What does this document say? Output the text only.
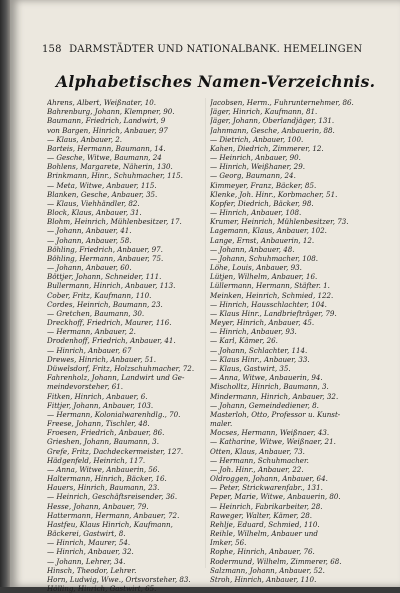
158 DARMSTÄDTER UND NATIONALBANK. HEMELINGEN
Alphabetisches Namen-Verzeichnis.
Ahrens, Albert, Weißnater, 10.
Bahrenburg, Johann, Klempner, 90.
Baumann, Friedrich, Landwirt, 9
von Bargen, Hinrich, Anbauer, 97
— Klaus, Anbauer, 2.
Barteis, Hermann, Baumann, 14.
— Gesche, Witwe, Baumann, 24
Bohlens, Margarete, Näherin, 130.
Brinkmann, Hinr., Schuhmacher, 115.
— Meta, Witwe, Anbauer, 115.
Blanken, Gesche, Anbauer, 35.
— Klaus, Viehhändler, 82.
Block, Klaus, Anbauer, 31.
Blohm, Heinrich, Mühlenbesitzer, 17.
— Johann, Anbauer, 41.
— Johann, Anbauer, 58.
Böhling, Friedrich, Anbauer, 97.
Böhling, Hermann, Anbauer, 75.
— Johann, Anbauer, 60.
Böttjer, Johann, Schneider, 111.
Bullermann, Hinrich, Anbauer, 113.
Cober, Fritz, Kaufmann, 110.
Cordes, Heinrich, Baumann, 23.
— Gretchen, Baumann, 30.
Dreckhoff, Friedrich, Maurer, 116.
— Hermann, Anbauer, 2.
Drodenhoff, Friedrich, Anbauer, 41.
— Hinrich, Anbauer, 67
Drewes, Hinrich, Anbauer, 51.
Düwelsdorf, Fritz, Holzschuhmacher, 72.
Fahrenholz, Johann, Landwirt und Ge-
meindevorsteher, 61.
Fitken, Hinrich, Anbauer, 6.
Fittjer, Johann, Anbauer, 103.
— Hermann, Kolonialwarenhdlg., 70.
Freese, Johann, Tischler, 48.
Froesen, Friedrich, Anbauer, 86.
Grieshen, Johann, Baumann, 3.
Grefe, Fritz, Dachdeckermeister, 127.
Hädgenfeld, Heinrich, 117.
— Anna, Witwe, Anbauerin, 56.
Haltermann, Hinrich, Bäcker, 16.
Hauers, Hinrich, Baumann, 23.
— Heinrich, Geschäftsreisender, 36.
Hesse, Johann, Anbauer, 79.
Hattermann, Hermann, Anbauer, 72.
Hastfeu, Klaus Hinrich, Kaufmann,
Bäckerei, Gastwirt, 8.
— Hinrich, Maurer, 54.
— Hinrich, Anbauer, 32.
— Johann, Lehrer, 34.
Hinsch, Theodor, Lehrer.
Horn, Ludwig, Wwe., Ortsvorsteher, 83.
Hölling, Hinrich, Gastwirt, 65.
Jacobsen, Herm., Fuhrunternehmer, 86.
Jäger, Hinrich, Kaufmann, 81.
Jäger, Johann, Oberlandjäger, 131.
Jahnmann, Gesche, Anbauerin, 88.
— Dietrich, Anbauer, 100.
Kahen, Diedrich, Zimmerer, 12.
— Heinrich, Anbauer, 90.
— Hinrich, Weißhaner, 29.
— Georg, Baumann, 24.
Kimmeyer, Franz, Bäcker, 85.
Klenke, Joh. Hinr., Korbmacher, 51.
Kopfer, Diedrich, Bäcker, 98.
— Hinrich, Anbauer, 108.
Krumer, Heinrich, Mühlenbesitzer, 73.
Lagemann, Klaus, Anbauer, 102.
Lange, Ernst, Anbauerin, 12.
— Johann, Anbauer, 48.
— Johann, Schuhmacher, 108.
Löhe, Louis, Anbauer, 93.
Lütjen, Wilhelm, Anbauer, 16.
Lüllermann, Hermann, Stäfter. 1.
Meinken, Heinrich, Schmied, 122.
— Hinrich, Hausschlachter, 104.
— Klaus Hinr., Landbriefträger, 79.
Meyer, Hinrich, Anbauer, 45.
— Hinrich, Anbauer, 93.
— Karl, Kämer, 26.
— Johann, Schlachter, 114.
— Klaus Hinr., Anbauer, 33.
— Klaus, Gastwirt, 35.
— Anna, Witwe, Anbauerin, 94.
Mischolltz, Hinrich, Baumann, 3.
Mindermann, Hinrich, Anbauer, 32.
— Johann, Gemeindediener, 8.
Masterloh, Otto, Professor u. Kunst-
maler.
Mocses, Hermann, Weißnaer, 43.
— Katharine, Witwe, Weißnaer, 21.
Otten, Klaus, Anbauer, 73.
— Hermann, Schuhmacher.
— Joh. Hinr., Anbauer, 22.
Oldroggen, Johann, Anbauer, 64.
— Peter, Strickwarenfabr., 131.
Peper, Marie, Witwe, Anbauerin, 80.
— Heinrich, Fabrikarbeiter, 28.
Raweger, Walter, Kämer, 28.
Rehlje, Eduard, Schmied, 110.
Reihle, Wilhelm, Anbauer und
Imker, 56.
Rophe, Hinrich, Anbauer, 76.
Rodermund, Wilhelm, Zimmerer, 68.
Salzmann, Johann, Anbauer, 52.
Stroh, Hinrich, Anbauer, 110.
